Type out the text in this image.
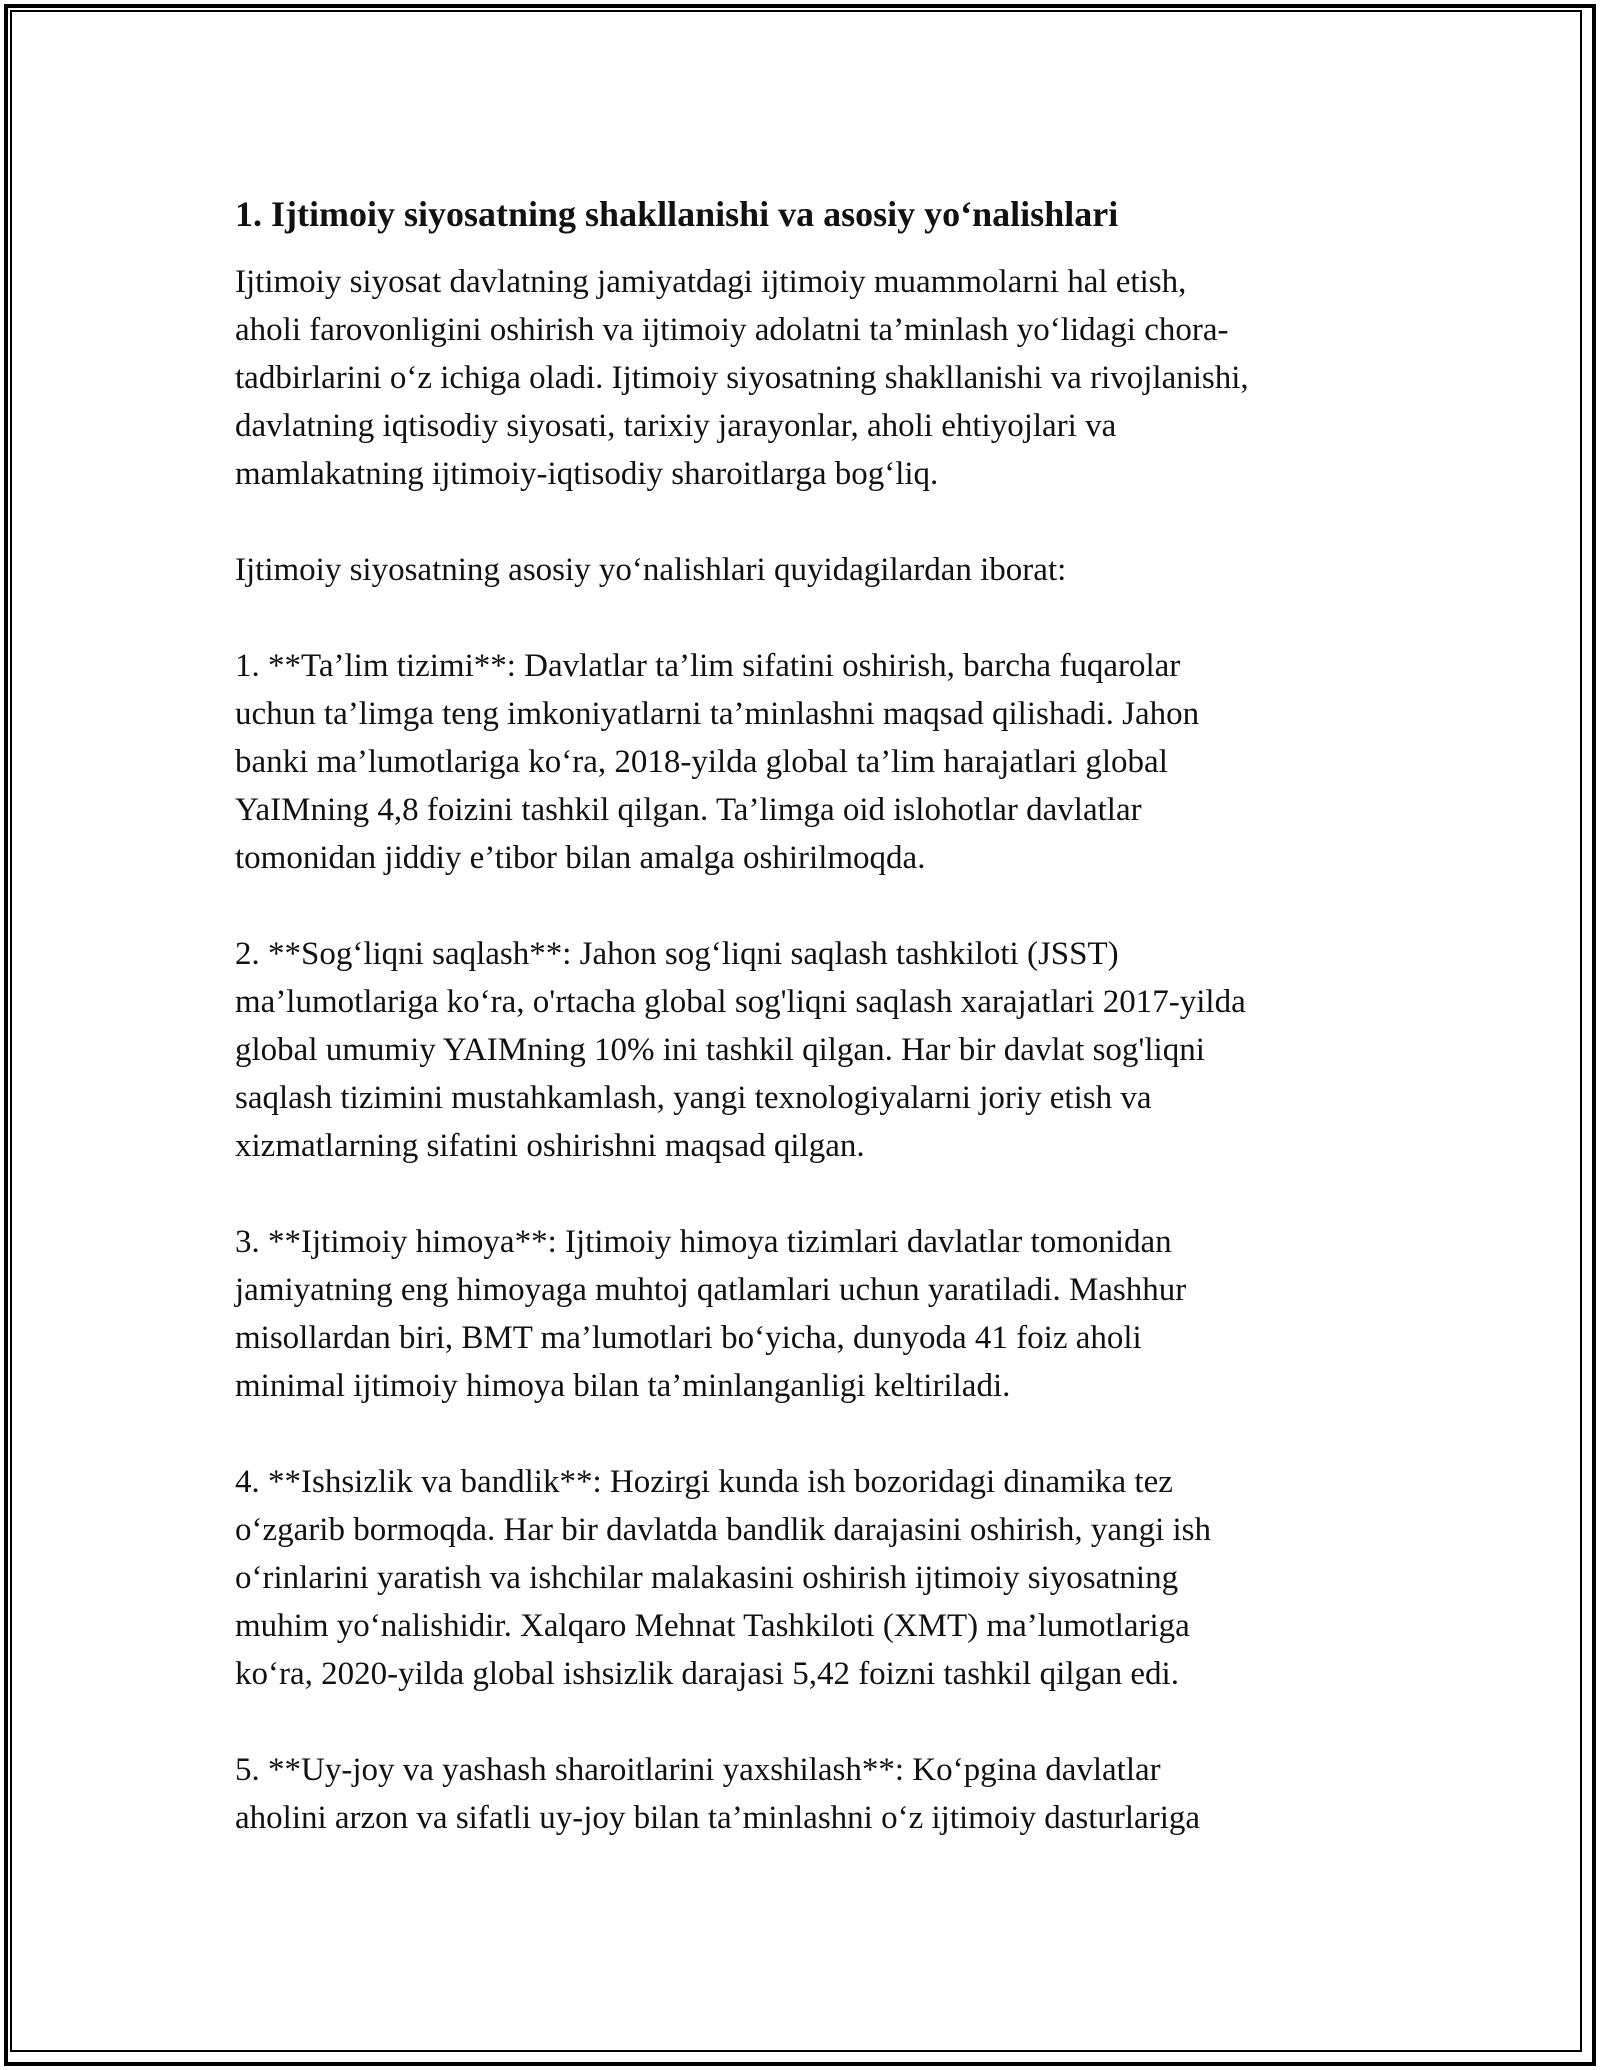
1. Ijtimoiy siyosatning shakllanishi va asosiy yo‘nalishlari

Ijtimoiy siyosat davlatning jamiyatdagi ijtimoiy muammolarni hal etish,
aholi farovonligini oshirish va ijtimoiy adolatni ta’minlash yo‘lidagi chora-
tadbirlarini o‘z ichiga oladi. Ijtimoiy siyosatning shakllanishi va rivojlanishi,
davlatning iqtisodiy siyosati, tarixiy jarayonlar, aholi ehtiyojlari va
mamlakatning ijtimoiy-iqtisodiy sharoitlarga bog‘liq.

Ijtimoiy siyosatning asosiy yo‘nalishlari quyidagilardan iborat:

1. **Ta’lim tizimi**: Davlatlar ta’lim sifatini oshirish, barcha fuqarolar
uchun ta’limga teng imkoniyatlarni ta’minlashni maqsad qilishadi. Jahon
banki ma’lumotlariga ko‘ra, 2018-yilda global ta’lim harajatlari global
YaIMning 4,8 foizini tashkil qilgan. Ta’limga oid islohotlar davlatlar
tomonidan jiddiy e’tibor bilan amalga oshirilmoqda.

2. **Sog‘liqni saqlash**: Jahon sog‘liqni saqlash tashkiloti (JSST)
ma’lumotlariga ko‘ra, o'rtacha global sog'liqni saqlash xarajatlari 2017-yilda
global umumiy YAIMning 10% ini tashkil qilgan. Har bir davlat sog'liqni
saqlash tizimini mustahkamlash, yangi texnologiyalarni joriy etish va
xizmatlarning sifatini oshirishni maqsad qilgan.

3. **Ijtimoiy himoya**: Ijtimoiy himoya tizimlari davlatlar tomonidan
jamiyatning eng himoyaga muhtoj qatlamlari uchun yaratiladi. Mashhur
misollardan biri, BMT ma’lumotlari bo‘yicha, dunyoda 41 foiz aholi
minimal ijtimoiy himoya bilan ta’minlanganligi keltiriladi.

4. **Ishsizlik va bandlik**: Hozirgi kunda ish bozoridagi dinamika tez
o‘zgarib bormoqda. Har bir davlatda bandlik darajasini oshirish, yangi ish
o‘rinlarini yaratish va ishchilar malakasini oshirish ijtimoiy siyosatning
muhim yo‘nalishidir. Xalqaro Mehnat Tashkiloti (XMT) ma’lumotlariga
ko‘ra, 2020-yilda global ishsizlik darajasi 5,42 foizni tashkil qilgan edi.

5. **Uy-joy va yashash sharoitlarini yaxshilash**: Ko‘pgina davlatlar
aholini arzon va sifatli uy-joy bilan ta’minlashni o‘z ijtimoiy dasturlariga
